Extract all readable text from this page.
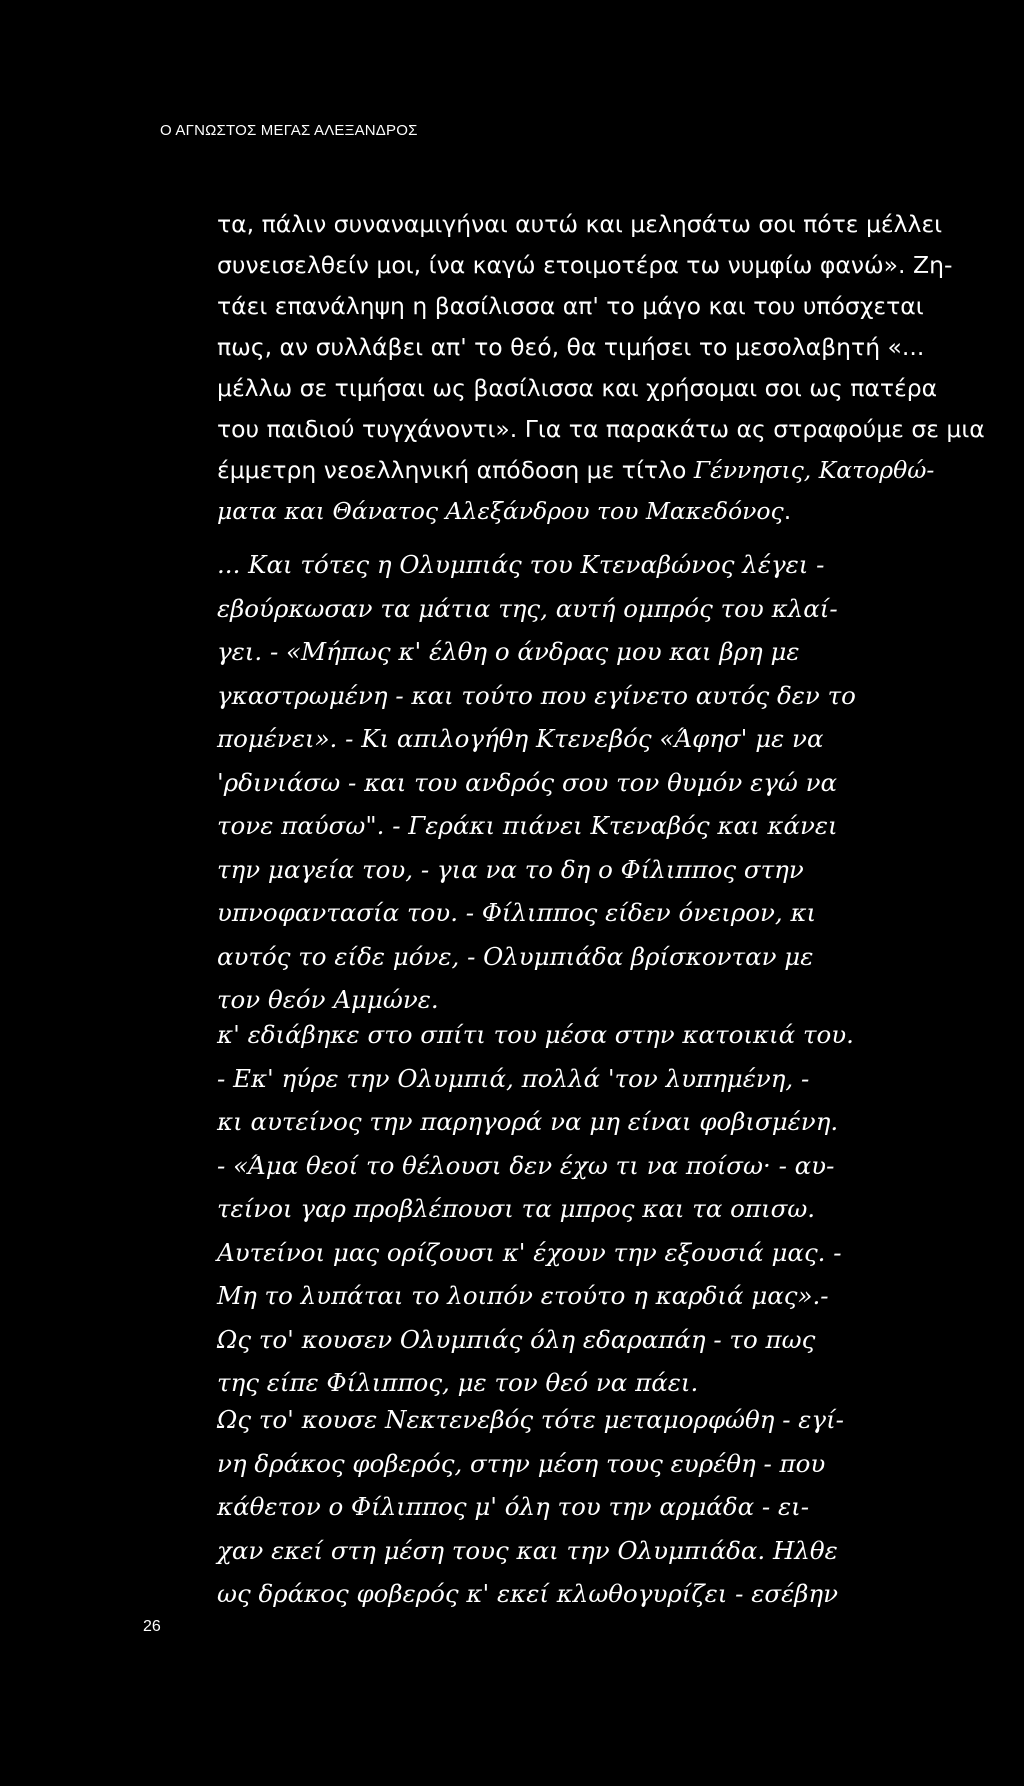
Ο ΑΓΝΩΣΤΟΣ ΜΕΓΑΣ ΑΛΕΞΑΝΔΡΟΣ

τα, πάλιν συναναμιγήναι αυτώ και μελησάτω σοι πότε μέλλει

συνεισελθείν μοι, ίνα καγώ ετοιμοτέρα τω νυμφίω φανώ». Ζη-

τάει επανάληψη η βασίλισσα απ' το μάγο και του υπόσχεται

πως, αν συλλάβει απ' το θεό, θα τιμήσει το μεσολαβητή «...

μέλλω σε τιμήσαι ως βασίλισσα και χρήσομαι σοι ως πατέρα

του παιδιού τυγχάνοντι». Για τα παρακάτω ας στραφούμε σε μια

έμμετρη νεοελληνική απόδοση με τίτλο Γέννησις, Κατορθώ-

ματα και Θάνατος Αλεξάνδρου του Μακεδόνος.

... Και τότες η Ολυμπιάς του Κτεναβώνος λέγει -

εβούρκωσαν τα μάτια της, αυτή ομπρός του κλαί-

γει. - «Μήπως κ' έλθη ο άνδρας μου και βρη με

γκαστρωμένη - και τούτο που εγίνετο αυτός δεν το

πομένει». - Κι απιλογήθη Κτενεβός «Άφησ' με να

'ρδινιάσω - και του ανδρός σου τον θυμόν εγώ να

τονε παύσω". - Γεράκι πιάνει Κτεναβός και κάνει

την μαγεία του, - για να το δη ο Φίλιππος στην

υπνοφαντασία του. - Φίλιππος είδεν όνειρον, κι

αυτός το είδε μόνε, - Ολυμπιάδα βρίσκονταν με

τον θεόν Αμμώνε.

κ' εδιάβηκε στο σπίτι του μέσα στην κατοικιά του.

- Εκ' ηύρε την Ολυμπιά, πολλά 'τον λυπημένη, -

κι αυτείνος την παρηγορά να μη είναι φοβισμένη.

- «Άμα θεοί το θέλουσι δεν έχω τι να ποίσω· - αυ-

τείνοι γαρ προβλέπουσι τα μπρος και τα οπισω.

Αυτείνοι μας ορίζουσι κ' έχουν την εξουσιά μας. -

Μη το λυπάται το λοιπόν ετούτο η καρδιά μας».-

Ως το' κουσεν Ολυμπιάς όλη εδαραπάη - το πως

της είπε Φίλιππος, με τον θεό να πάει.

Ως το' κουσε Νεκτενεβός τότε μεταμορφώθη - εγί-

νη δράκος φοβερός, στην μέση τους ευρέθη - που

κάθετον ο Φίλιππος μ' όλη του την αρμάδα - ει-

χαν εκεί στη μέση τους και την Ολυμπιάδα. Ηλθε

ως δράκος φοβερός κ' εκεί κλωθογυρίζει - εσέβην

26
